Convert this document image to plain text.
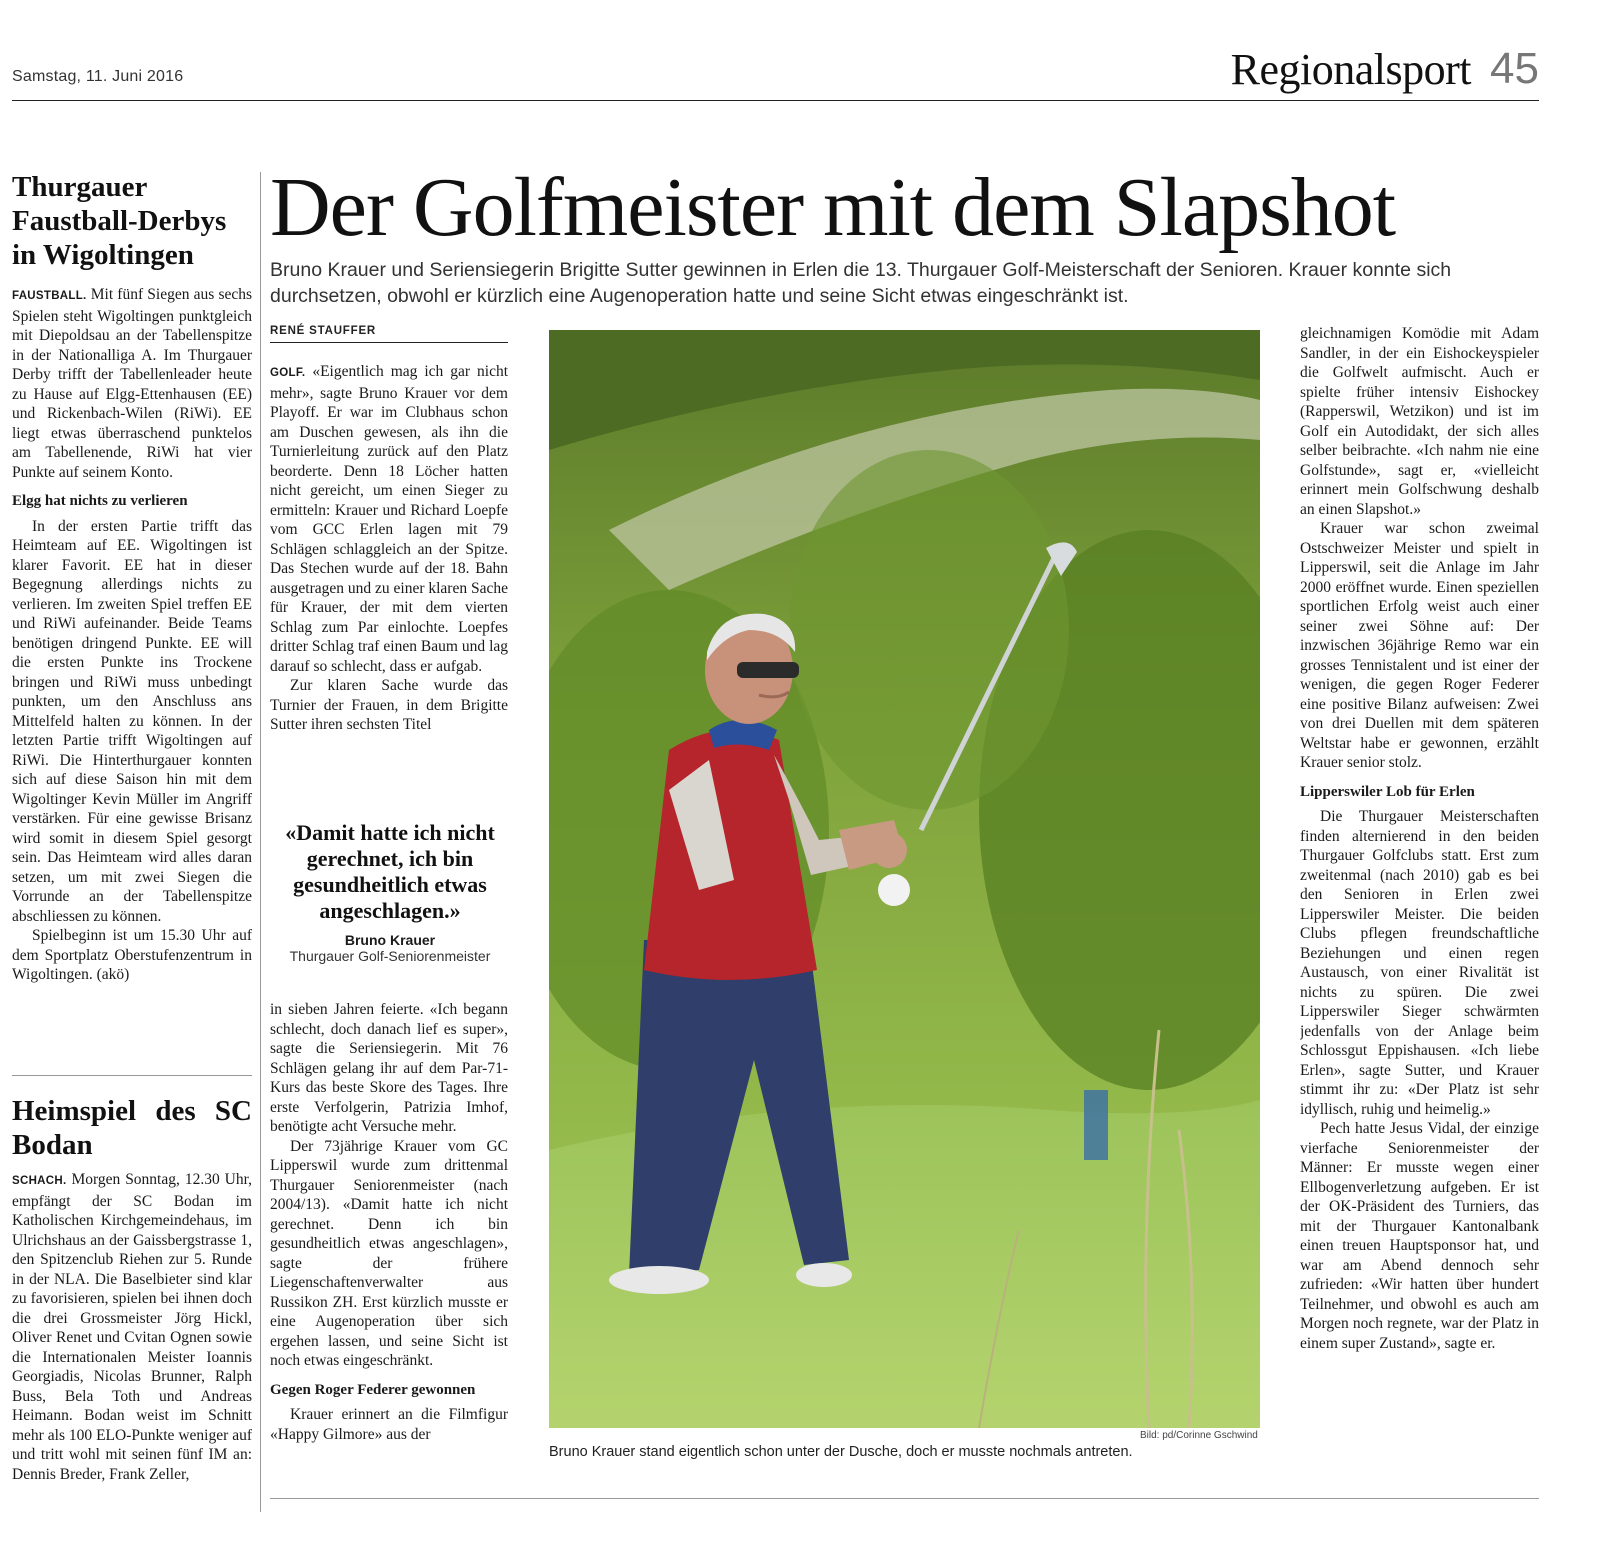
Samstag, 11. Juni 2016	Regionalsport 45
Thurgauer Faustball-Derbys in Wigoltingen

FAUSTBALL. Mit fünf Siegen aus sechs Spielen steht Wigoltingen punktgleich mit Diepoldsau an der Tabellenspitze in der Nationalliga A. Im Thurgauer Derby trifft der Tabellenleader heute zu Hause auf Elgg-Ettenhausen (EE) und Rickenbach-Wilen (RiWi). EE liegt etwas überraschend punktelos am Tabellenende, RiWi hat vier Punkte auf seinem Konto.

Elgg hat nichts zu verlieren

In der ersten Partie trifft das Heimteam auf EE. Wigoltingen ist klarer Favorit. EE hat in dieser Begegnung allerdings nichts zu verlieren. Im zweiten Spiel treffen EE und RiWi aufeinander. Beide Teams benötigen dringend Punkte. EE will die ersten Punkte ins Trockene bringen und RiWi muss unbedingt punkten, um den Anschluss ans Mittelfeld halten zu können. In der letzten Partie trifft Wigoltingen auf RiWi. Die Hinterthurgauer konnten sich auf diese Saison hin mit dem Wigoltinger Kevin Müller im Angriff verstärken. Für eine gewisse Brisanz wird somit in diesem Spiel gesorgt sein. Das Heimteam wird alles daran setzen, um mit zwei Siegen die Vorrunde an der Tabellenspitze abschliessen zu können.

Spielbeginn ist um 15.30 Uhr auf dem Sportplatz Oberstufenzentrum in Wigoltingen. (akö)

Heimspiel des SC Bodan

SCHACH. Morgen Sonntag, 12.30 Uhr, empfängt der SC Bodan im Katholischen Kirchgemeindehaus, im Ulrichshaus an der Gaissbergstrasse 1, den Spitzenclub Riehen zur 5. Runde in der NLA. Die Baselbieter sind klar zu favorisieren, spielen bei ihnen doch die drei Grossmeister Jörg Hickl, Oliver Renet und Cvitan Ognen sowie die Internationalen Meister Ioannis Georgiadis, Nicolas Brunner, Ralph Buss, Bela Toth und Andreas Heimann. Bodan weist im Schnitt mehr als 100 ELO-Punkte weniger auf und tritt wohl mit seinen fünf IM an: Dennis Breder, Frank Zeller,

Der Golfmeister mit dem Slapshot
Bruno Krauer und Seriensiegerin Brigitte Sutter gewinnen in Erlen die 13. Thurgauer Golf-Meisterschaft der Senioren. Krauer konnte sich durchsetzen, obwohl er kürzlich eine Augenoperation hatte und seine Sicht etwas eingeschränkt ist.
RENÉ STAUFFER

GOLF. «Eigentlich mag ich gar nicht mehr», sagte Bruno Krauer vor dem Playoff. Er war im Clubhaus schon am Duschen gewesen, als ihn die Turnierleitung zurück auf den Platz beorderte. Denn 18 Löcher hatten nicht gereicht, um einen Sieger zu ermitteln: Krauer und Richard Loepfe vom GCC Erlen lagen mit 79 Schlägen schlaggleich an der Spitze. Das Stechen wurde auf der 18. Bahn ausgetragen und zu einer klaren Sache für Krauer, der mit dem vierten Schlag zum Par einlochte. Loepfes dritter Schlag traf einen Baum und lag darauf so schlecht, dass er aufgab.

Zur klaren Sache wurde das Turnier der Frauen, in dem Brigitte Sutter ihren sechsten Titel

«Damit hatte ich nicht gerechnet, ich bin gesundheitlich etwas angeschlagen.»
Bruno Krauer
Thurgauer Golf-Seniorenmeister

in sieben Jahren feierte. «Ich begann schlecht, doch danach lief es super», sagte die Seriensiegerin. Mit 76 Schlägen gelang ihr auf dem Par-71-Kurs das beste Skore des Tages. Ihre erste Verfolgerin, Patrizia Imhof, benötigte acht Versuche mehr.

Der 73jährige Krauer vom GC Lipperswil wurde zum drittenmal Thurgauer Seniorenmeister (nach 2004/13). «Damit hatte ich nicht gerechnet. Denn ich bin gesundheitlich etwas angeschlagen», sagte der frühere Liegenschaftenverwalter aus Russikon ZH. Erst kürzlich musste er eine Augenoperation über sich ergehen lassen, und seine Sicht ist noch etwas eingeschränkt.

Gegen Roger Federer gewonnen

Krauer erinnert an die Filmfigur «Happy Gilmore» aus der	Bild: pd/Corinne Gschwind
Bruno Krauer stand eigentlich schon unter der Dusche, doch er musste nochmals antreten.

gleichnamigen Komödie mit Adam Sandler, in der ein Eishockeyspieler die Golfwelt aufmischt. Auch er spielte früher intensiv Eishockey (Rapperswil, Wetzikon) und ist im Golf ein Autodidakt, der sich alles selber beibrachte. «Ich nahm nie eine Golfstunde», sagt er, «vielleicht erinnert mein Golfschwung deshalb an einen Slapshot.»

Krauer war schon zweimal Ostschweizer Meister und spielt in Lipperswil, seit die Anlage im Jahr 2000 eröffnet wurde. Einen speziellen sportlichen Erfolg weist auch einer seiner zwei Söhne auf: Der inzwischen 36jährige Remo war ein grosses Tennistalent und ist einer der wenigen, die gegen Roger Federer eine positive Bilanz aufweisen: Zwei von drei Duellen mit dem späteren Weltstar habe er gewonnen, erzählt Krauer senior stolz.

Lipperswiler Lob für Erlen

Die Thurgauer Meisterschaften finden alternierend in den beiden Thurgauer Golfclubs statt. Erst zum zweitenmal (nach 2010) gab es bei den Senioren in Erlen zwei Lipperswiler Meister. Die beiden Clubs pflegen freundschaftliche Beziehungen und einen regen Austausch, von einer Rivalität ist nichts zu spüren. Die zwei Lipperswiler Sieger schwärmten jedenfalls von der Anlage beim Schlossgut Eppishausen. «Ich liebe Erlen», sagte Sutter, und Krauer stimmt ihr zu: «Der Platz ist sehr idyllisch, ruhig und heimelig.»

Pech hatte Jesus Vidal, der einzige vierfache Seniorenmeister der Männer: Er musste wegen einer Ellbogenverletzung aufgeben. Er ist der OK-Präsident des Turniers, das mit der Thurgauer Kantonalbank einen treuen Hauptsponsor hat, und war am Abend dennoch sehr zufrieden: «Wir hatten über hundert Teilnehmer, und obwohl es auch am Morgen noch regnete, war der Platz in einem super Zustand», sagte er.
